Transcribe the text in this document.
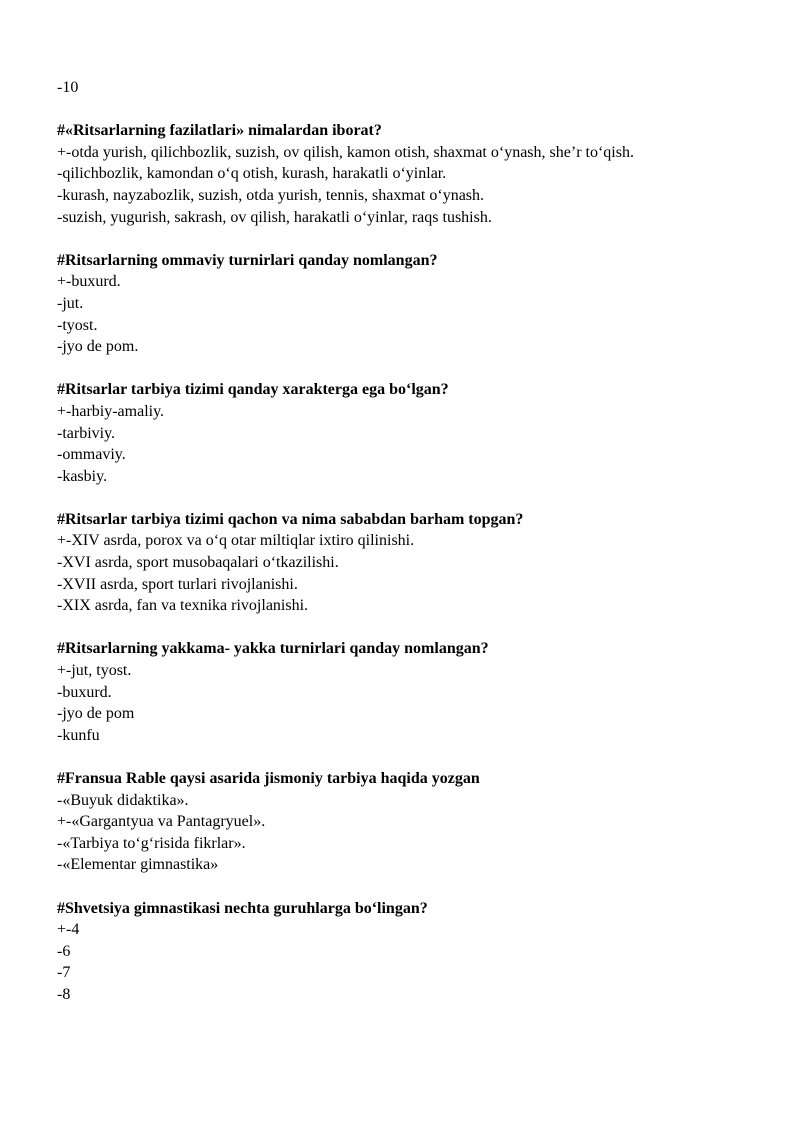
-10

#«Ritsarlarning fazilatlari» nimalardan iborat?

+-otda yurish, qilichbozlik, suzish, ov qilish, kamon otish, shaxmat o‘ynash, she’r to‘qish.

-qilichbozlik, kamondan o‘q otish, kurash, harakatli o‘yinlar.

-kurash, nayzabozlik, suzish, otda yurish, tennis, shaxmat o‘ynash.

-suzish, yugurish, sakrash, ov qilish, harakatli o‘yinlar, raqs tushish.

#Ritsarlarning ommaviy turnirlari qanday nomlangan?

+-buxurd.

-jut.

-tyost.

-jyo de pom.

#Ritsarlar tarbiya tizimi qanday xarakterga ega bo‘lgan?

+-harbiy-amaliy.

-tarbiviy.

-ommaviy.

-kasbiy.

#Ritsarlar tarbiya tizimi qachon va nima sababdan barham topgan?

+-XIV asrda, porox va o‘q otar miltiqlar ixtiro qilinishi.

-XVI asrda, sport musobaqalari o‘tkazilishi.

-XVII asrda, sport turlari rivojlanishi.

-XIX asrda, fan va texnika rivojlanishi.

#Ritsarlarning yakkama- yakka turnirlari qanday nomlangan?

+-jut, tyost.

-buxurd.

-jyo de pom

-kunfu

#Fransua Rable qaysi asarida jismoniy tarbiya haqida yozgan

-«Buyuk didaktika».

+-«Gargantyua va Pantagryuel».

-«Tarbiya to‘g‘risida fikrlar».

-«Elementar gimnastika»

#Shvetsiya gimnastikasi nechta guruhlarga bo‘lingan?

+-4

-6

-7

-8
